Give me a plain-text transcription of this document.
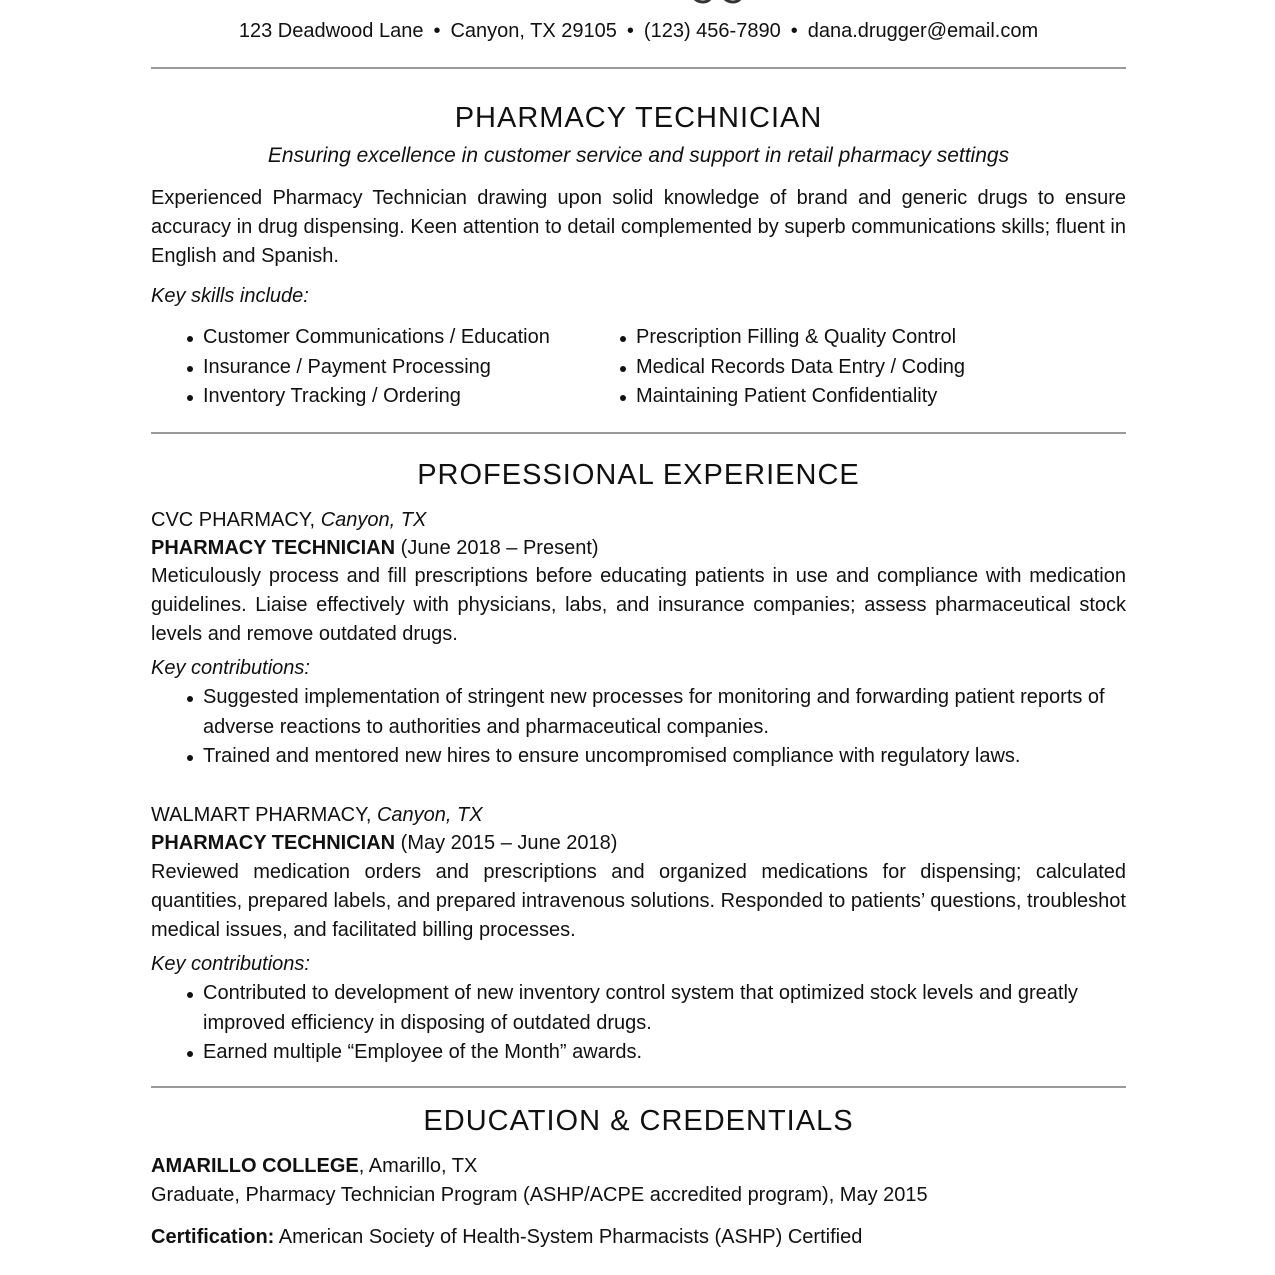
123 Deadwood Lane • Canyon, TX 29105 • (123) 456-7890 • dana.drugger@email.com
PHARMACY TECHNICIAN
Ensuring excellence in customer service and support in retail pharmacy settings

Experienced Pharmacy Technician drawing upon solid knowledge of brand and generic drugs to ensure accuracy in drug dispensing. Keen attention to detail complemented by superb communications skills; fluent in English and Spanish.

Key skills include:
Customer Communications / Education
Insurance / Payment Processing
Inventory Tracking / Ordering
Prescription Filling & Quality Control
Medical Records Data Entry / Coding
Maintaining Patient Confidentiality
PROFESSIONAL EXPERIENCE
CVC PHARMACY, Canyon, TX
PHARMACY TECHNICIAN (June 2018 – Present)

Meticulously process and fill prescriptions before educating patients in use and compliance with medication guidelines. Liaise effectively with physicians, labs, and insurance companies; assess pharmaceutical stock levels and remove outdated drugs.

Key contributions:
Suggested implementation of stringent new processes for monitoring and forwarding patient reports of adverse reactions to authorities and pharmaceutical companies.
Trained and mentored new hires to ensure uncompromised compliance with regulatory laws.
WALMART PHARMACY, Canyon, TX
PHARMACY TECHNICIAN (May 2015 – June 2018)

Reviewed medication orders and prescriptions and organized medications for dispensing; calculated quantities, prepared labels, and prepared intravenous solutions. Responded to patients’ questions, troubleshot medical issues, and facilitated billing processes.

Key contributions:
Contributed to development of new inventory control system that optimized stock levels and greatly improved efficiency in disposing of outdated drugs.
Earned multiple “Employee of the Month” awards.
EDUCATION & CREDENTIALS
AMARILLO COLLEGE, Amarillo, TX
Graduate, Pharmacy Technician Program (ASHP/ACPE accredited program), May 2015
Certification: American Society of Health-System Pharmacists (ASHP) Certified
